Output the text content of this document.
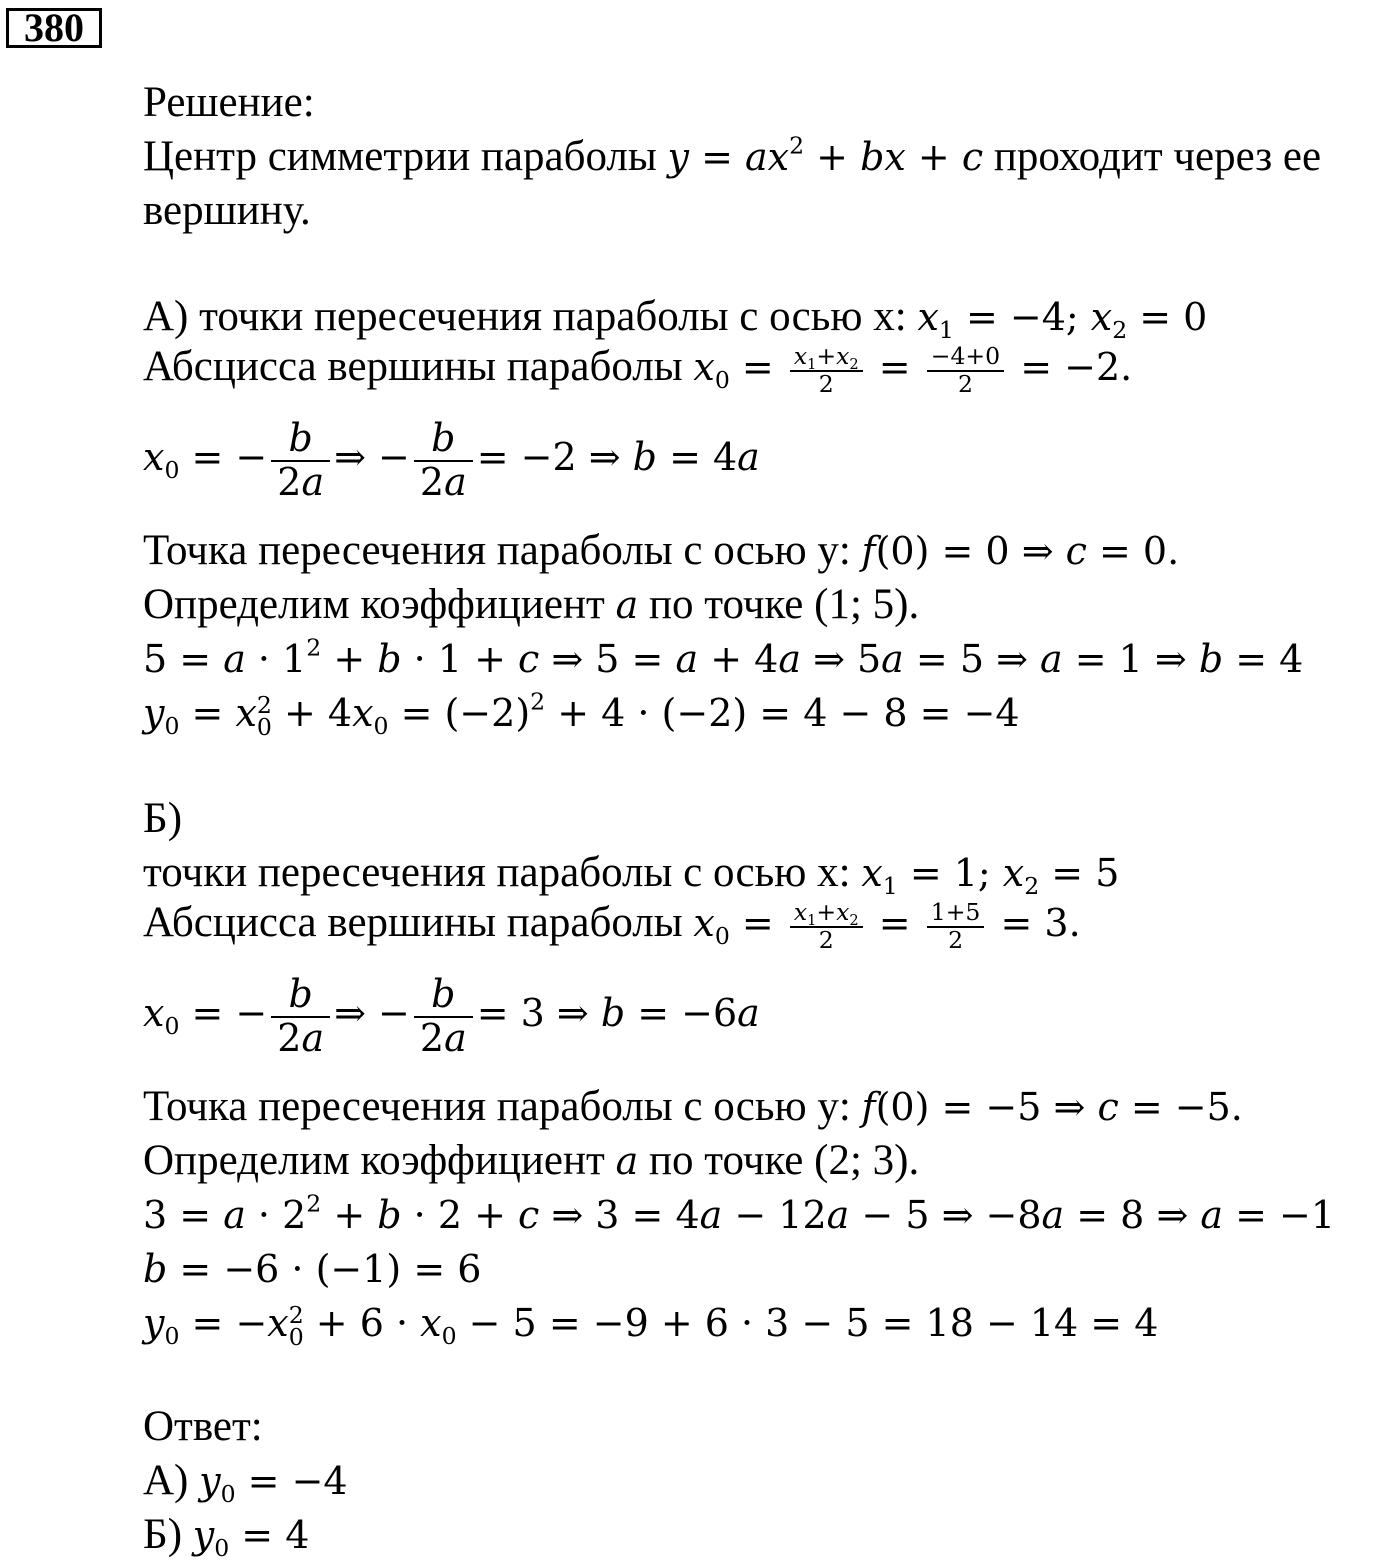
380
Решение:
Центр симметрии параболы $y = ax^2$ + bx + c проходит через ее
вершину.
А) точки пересечения параболы с осью x: $x_1 = -4$; $x_2 = 0$
Абсцисса вершины параболы $x_0 = \frac{x_1+x_2}{2} = \frac{-4+0}{2} = -2$.
$x_0$ = − $\frac{b}{2a}$ ⇒ − $\frac{b}{2a} = -2$ ⇒ b = 4a
Точка пересечения параболы с осью y: f(0) = 0 ⇒ c = 0.
Определим коэффициент a по точке (1; 5).
$5 = a \cdot 1^2 + b \cdot 1 + c$ ⇒ 5 = a + 4a ⇒ 5a = 5 ⇒ a = 1 ⇒ b = 4
$y_0 = x$ 2
$0 + 4x_0 = (-2)^2 + 4 \cdot (-2) = 4 - 8 = -4$
Б)
точки пересечения параболы с осью x: $x_1 = 1$; $x_2 = 5$
Абсцисса вершины параболы $x_0 = \frac{x_1+x_2}{2} = \frac{1+5}{2} = 3$.
$x_0$ = − $\frac{b}{2a}$ ⇒ − $\frac{b}{2a} = 3$ ⇒ b = −6a
Точка пересечения параболы с осью y: f(0) = −5 ⇒ c = −5.
Определим коэффициент a по точке (2; 3).
$3 = a \cdot 2^2 + b \cdot 2 + c$ ⇒ 3 = 4a − 12a − 5 ⇒ −8a = 8 ⇒ a = −1
b = −6 · (−1) = 6
$y_0 = -x$ 2
$0 + 6 \cdot x_0 - 5 = -9 + 6 \cdot 3 - 5 = 18 - 14 = 4$
Ответ:
А) $y_0 = -4$
Б) $y_0 = 4$
